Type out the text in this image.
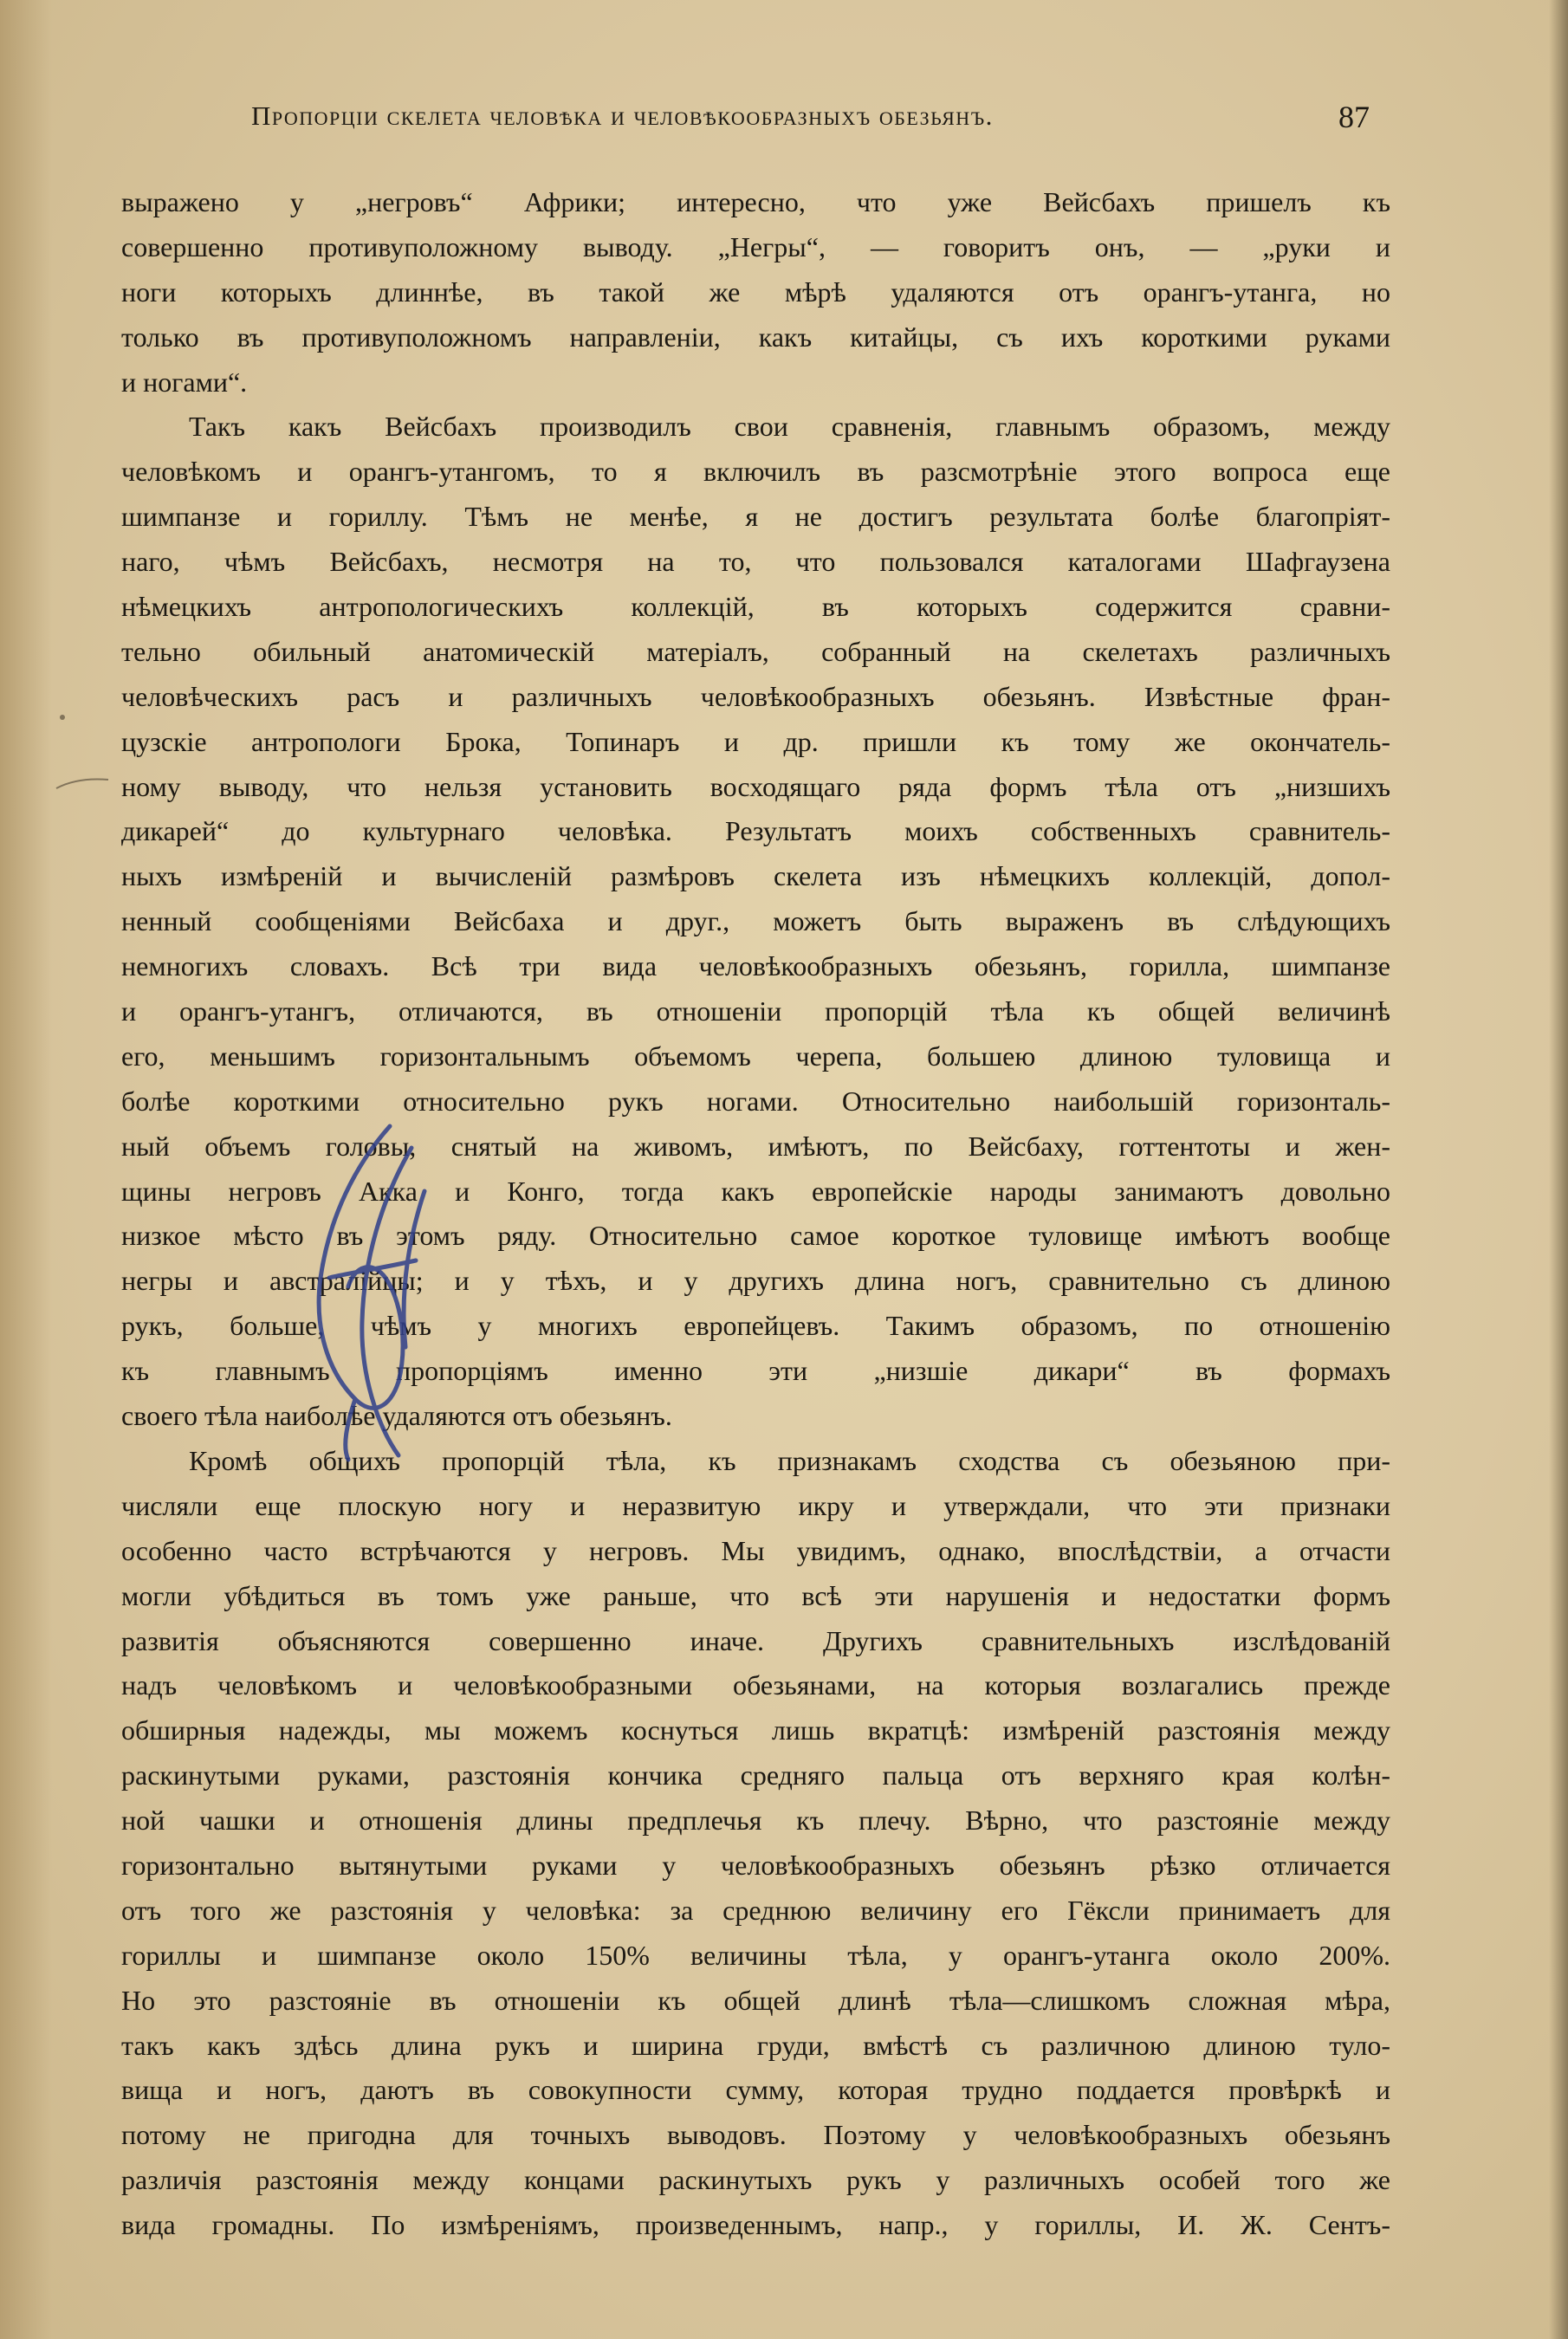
Пропорціи скелета человѣка и человѣкообразныхъ обезьянъ.	87
выражено у „негровъ“ Африки; интересно, что уже Вейсбахъ пришелъ къ
совершенно противуположному выводу. „Негры“, — говоритъ онъ, — „руки и
ноги которыхъ длиннѣе, въ такой же мѣрѣ удаляются отъ орангъ-утанга, но
только въ противуположномъ направленіи, какъ китайцы, съ ихъ короткими руками
и ногами“.
Такъ какъ Вейсбахъ производилъ свои сравненія, главнымъ образомъ, между
человѣкомъ и орангъ-утангомъ, то я включилъ въ разсмотрѣніе этого вопроса еще
шимпанзе и гориллу. Тѣмъ не менѣе, я не достигъ результата болѣе благопріят-
наго, чѣмъ Вейсбахъ, несмотря на то, что пользовался каталогами Шафгаузена
нѣмецкихъ антропологическихъ коллекцій, въ которыхъ содержится сравни-
тельно обильный анатомическій матеріалъ, собранный на скелетахъ различныхъ
человѣческихъ расъ и различныхъ человѣкообразныхъ обезьянъ. Извѣстные фран-
цузскіе антропологи Брока, Топинаръ и др. пришли къ тому же окончатель-
ному выводу, что нельзя установить восходящаго ряда формъ тѣла отъ „низшихъ
дикарей“ до культурнаго человѣка. Результатъ моихъ собственныхъ сравнитель-
ныхъ измѣреній и вычисленій размѣровъ скелета изъ нѣмецкихъ коллекцій, допол-
ненный сообщеніями Вейсбаха и друг., можетъ быть выраженъ въ слѣдующихъ
немногихъ словахъ. Всѣ три вида человѣкообразныхъ обезьянъ, горилла, шимпанзе
и орангъ-утангъ, отличаются, въ отношеніи пропорцій тѣла къ общей величинѣ
его, меньшимъ горизонтальнымъ объемомъ черепа, большею длиною туловища и
болѣе короткими относительно рукъ ногами. Относительно наибольшій горизонталь-
ный объемъ головы, снятый на живомъ, имѣютъ, по Вейсбаху, готтентоты и жен-
щины негровъ Акка и Конго, тогда какъ европейскіе народы занимаютъ довольно
низкое мѣсто въ этомъ ряду. Относительно самое короткое туловище имѣютъ вообще
негры и австралійцы; и у тѣхъ, и у другихъ длина ногъ, сравнительно съ длиною
рукъ, больше, чѣмъ у многихъ европейцевъ. Такимъ образомъ, по отношенію
къ главнымъ пропорціямъ именно эти „низшіе дикари“ въ формахъ
своего тѣла наиболѣе удаляются отъ обезьянъ.
Кромѣ общихъ пропорцій тѣла, къ признакамъ сходства съ обезьяною при-
числяли еще плоскую ногу и неразвитую икру и утверждали, что эти признаки
особенно часто встрѣчаются у негровъ. Мы увидимъ, однако, впослѣдствіи, а отчасти
могли убѣдиться въ томъ уже раньше, что всѣ эти нарушенія и недостатки формъ
развитія объясняются совершенно иначе. Другихъ сравнительныхъ изслѣдованій
надъ человѣкомъ и человѣкообразными обезьянами, на которыя возлагались прежде
обширныя надежды, мы можемъ коснуться лишь вкратцѣ: измѣреній разстоянія между
раскинутыми руками, разстоянія кончика средняго пальца отъ верхняго края колѣн-
ной чашки и отношенія длины предплечья къ плечу. Вѣрно, что разстояніе между
горизонтально вытянутыми руками у человѣкообразныхъ обезьянъ рѣзко отличается
отъ того же разстоянія у человѣка: за среднюю величину его Гёксли принимаетъ для
гориллы и шимпанзе около 150% величины тѣла, у орангъ-утанга около 200%.
Но это разстояніе въ отношеніи къ общей длинѣ тѣла—слишкомъ сложная мѣра,
такъ какъ здѣсь длина рукъ и ширина груди, вмѣстѣ съ различною длиною туло-
вища и ногъ, даютъ въ совокупности сумму, которая трудно поддается провѣркѣ и
потому не пригодна для точныхъ выводовъ. Поэтому у человѣкообразныхъ обезьянъ
различія разстоянія между концами раскинутыхъ рукъ у различныхъ особей того же
вида громадны. По измѣреніямъ, произведеннымъ, напр., у гориллы, И. Ж. Сентъ-
